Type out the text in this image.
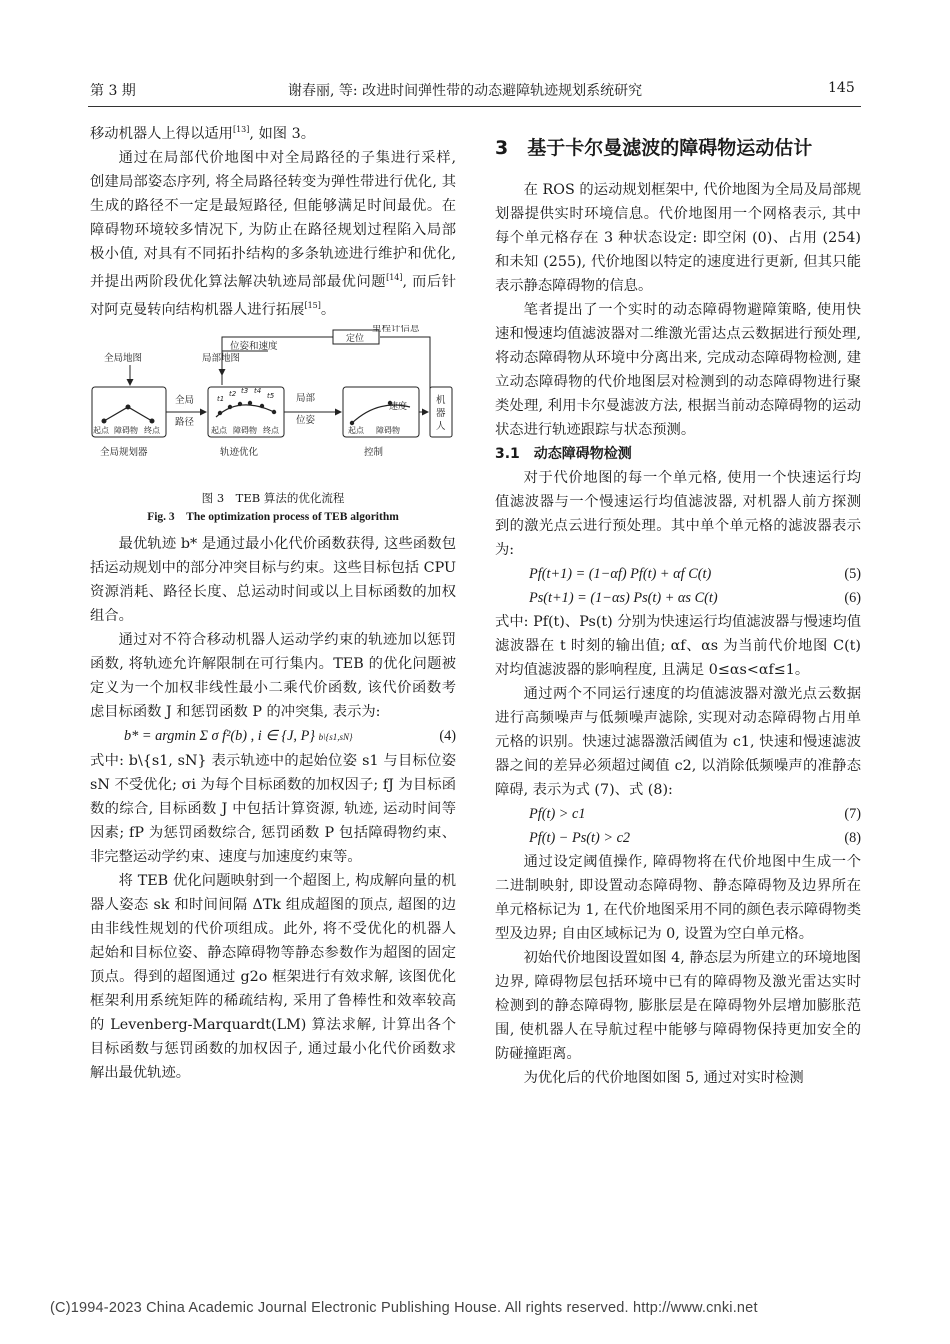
第 3 期	谢春丽, 等: 改进时间弹性带的动态避障轨迹规划系统研究	145

移动机器人上得以适用[13], 如图 3。

通过在局部代价地图中对全局路径的子集进行采样, 创建局部姿态序列, 将全局路径转变为弹性带进行优化, 其生成的路径不一定是最短路径, 但能够满足时间最优。在障碍物环境较多情况下, 为防止在路径规划过程陷入局部极小值, 对具有不同拓扑结构的多条轨迹进行维护和优化, 并提出两阶段优化算法解决轨迹局部最优问题[14], 而后针对阿克曼转向结构机器人进行拓展[15]。

里程计信息
定位
位姿和速度
全局地图	局部地图
全局
路径
局部
位姿
速度
机
器
人
起点 障碍物 终点	起点 障碍物 终点	起点 障碍物
t1
t2 t3 t4
t5
全局规划器	轨迹优化	控制
图 3　TEB 算法的优化流程
Fig. 3　The optimization process of TEB algorithm

最优轨迹 b* 是通过最小化代价函数获得, 这些函数包括运动规划中的部分冲突目标与约束。这些目标包括 CPU 资源消耗、路径长度、总运动时间或以上目标函数的加权组合。

通过对不符合移动机器人运动学约束的轨迹加以惩罚函数, 将轨迹允许解限制在可行集内。TEB 的优化问题被定义为一个加权非线性最小二乘代价函数, 该代价函数考虑目标函数 J 和惩罚函数 P 的冲突集, 表示为:

b* = argmin Σ σ f²(b) , i ∈ {J, P} b\{s1,sN}	(4)

式中: b\{s1, sN} 表示轨迹中的起始位姿 s1 与目标位姿 sN 不受优化; σi 为每个目标函数的加权因子; fJ 为目标函数的综合, 目标函数 J 中包括计算资源, 轨迹, 运动时间等因素; fP 为惩罚函数综合, 惩罚函数 P 包括障碍物约束、非完整运动学约束、速度与加速度约束等。

将 TEB 优化问题映射到一个超图上, 构成解向量的机器人姿态 sk 和时间间隔 ΔTk 组成超图的顶点, 超图的边由非线性规划的代价项组成。此外, 将不受优化的机器人起始和目标位姿、静态障碍物等静态参数作为超图的固定顶点。得到的超图通过 g2o 框架进行有效求解, 该图优化框架利用系统矩阵的稀疏结构, 采用了鲁棒性和效率较高的 Levenberg-Marquardt(LM) 算法求解, 计算出各个目标函数与惩罚函数的加权因子, 通过最小化代价函数求解出最优轨迹。

3　基于卡尔曼滤波的障碍物运动估计

在 ROS 的运动规划框架中, 代价地图为全局及局部规划器提供实时环境信息。代价地图用一个网格表示, 其中每个单元格存在 3 种状态设定: 即空闲 (0)、占用 (254) 和未知 (255), 代价地图以特定的速度进行更新, 但其只能表示静态障碍物的信息。

笔者提出了一个实时的动态障碍物避障策略, 使用快速和慢速均值滤波器对二维激光雷达点云数据进行预处理, 将动态障碍物从环境中分离出来, 完成动态障碍物检测, 建立动态障碍物的代价地图层对检测到的动态障碍物进行聚类处理, 利用卡尔曼滤波方法, 根据当前动态障碍物的运动状态进行轨迹跟踪与状态预测。

3.1　动态障碍物检测

对于代价地图的每一个单元格, 使用一个快速运行均值滤波器与一个慢速运行均值滤波器, 对机器人前方探测到的激光点云进行预处理。其中单个单元格的滤波器表示为:

Pf(t+1) = (1−αf) Pf(t) + αf C(t)	(5)
Ps(t+1) = (1−αs) Ps(t) + αs C(t)	(6)

式中: Pf(t)、Ps(t) 分别为快速运行均值滤波器与慢速均值滤波器在 t 时刻的输出值; αf、αs 为当前代价地图 C(t) 对均值滤波器的影响程度, 且满足 0≤αs<αf≤1。

通过两个不同运行速度的均值滤波器对激光点云数据进行高频噪声与低频噪声滤除, 实现对动态障碍物占用单元格的识别。快速过滤器激活阈值为 c1, 快速和慢速滤波器之间的差异必须超过阈值 c2, 以消除低频噪声的准静态障碍, 表示为式 (7)、式 (8):

Pf(t) > c1	(7)
Pf(t) − Ps(t) > c2	(8)

通过设定阈值操作, 障碍物将在代价地图中生成一个二进制映射, 即设置动态障碍物、静态障碍物及边界所在单元格标记为 1, 在代价地图采用不同的颜色表示障碍物类型及边界; 自由区域标记为 0, 设置为空白单元格。

初始代价地图设置如图 4, 静态层为所建立的环境地图边界, 障碍物层包括环境中已有的障碍物及激光雷达实时检测到的静态障碍物, 膨胀层是在障碍物外层增加膨胀范围, 使机器人在导航过程中能够与障碍物保持更加安全的防碰撞距离。

为优化后的代价地图如图 5, 通过对实时检测

(C)1994-2023 China Academic Journal Electronic Publishing House. All rights reserved. http://www.cnki.net
